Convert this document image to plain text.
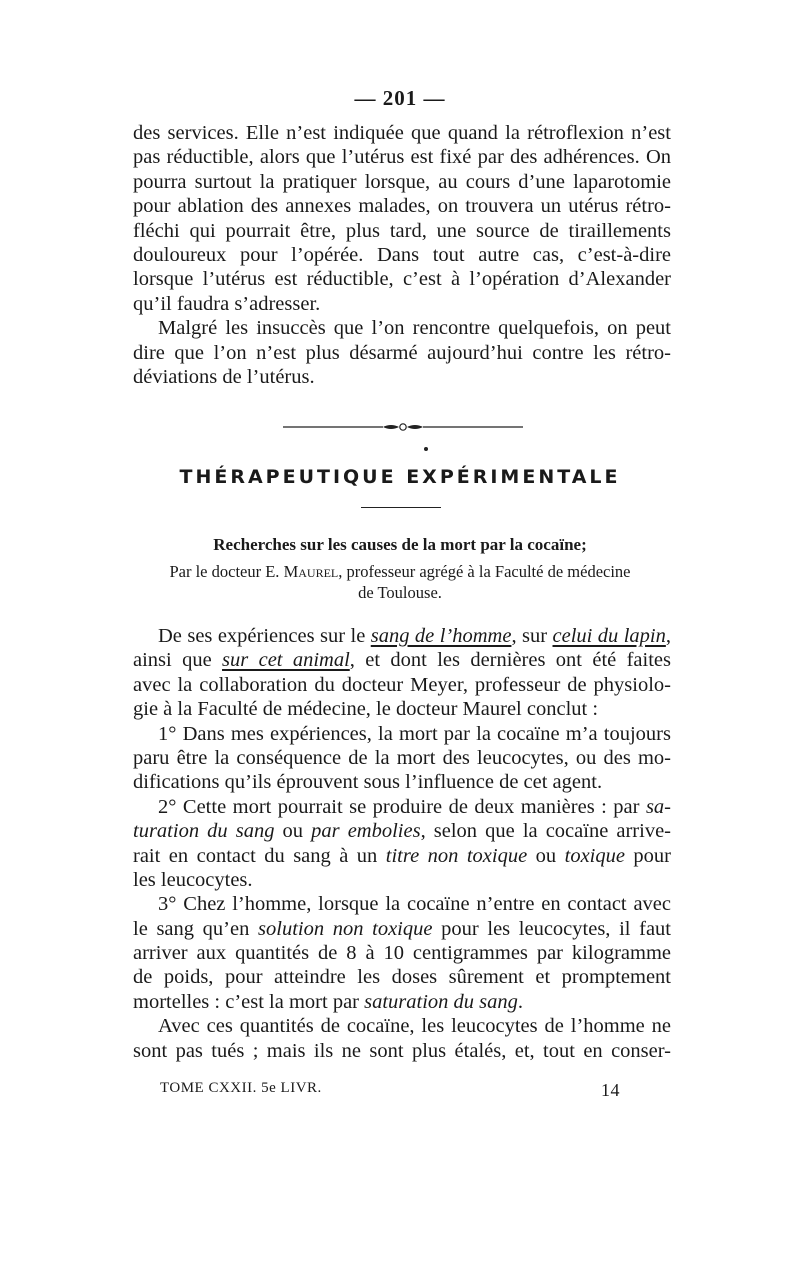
— 201 —
des services. Elle n’est indiquée que quand la rétroflexion n’est
pas réductible, alors que l’utérus est fixé par des adhérences. On
pourra surtout la pratiquer lorsque, au cours d’une laparotomie
pour ablation des annexes malades, on trouvera un utérus rétro-
fléchi qui pourrait être, plus tard, une source de tiraillements
douloureux pour l’opérée. Dans tout autre cas, c’est-à-dire
lorsque l’utérus est réductible, c’est à l’opération d’Alexander
qu’il faudra s’adresser.
Malgré les insuccès que l’on rencontre quelquefois, on peut
dire que l’on n’est plus désarmé aujourd’hui contre les rétro-
déviations de l’utérus.
THÉRAPEUTIQUE EXPÉRIMENTALE
Recherches sur les causes de la mort par la cocaïne;
Par le docteur E. Maurel, professeur agrégé à la Faculté de médecine
de Toulouse.
De ses expériences sur le sang de l’homme, sur celui du lapin,
ainsi que sur cet animal, et dont les dernières ont été faites
avec la collaboration du docteur Meyer, professeur de physiolo-
gie à la Faculté de médecine, le docteur Maurel conclut :
1° Dans mes expériences, la mort par la cocaïne m’a toujours
paru être la conséquence de la mort des leucocytes, ou des mo-
difications qu’ils éprouvent sous l’influence de cet agent.
2° Cette mort pourrait se produire de deux manières : par sa-
turation du sang ou par embolies, selon que la cocaïne arrive-
rait en contact du sang à un titre non toxique ou toxique pour
les leucocytes.
3° Chez l’homme, lorsque la cocaïne n’entre en contact avec
le sang qu’en solution non toxique pour les leucocytes, il faut
arriver aux quantités de 8 à 10 centigrammes par kilogramme
de poids, pour atteindre les doses sûrement et promptement
mortelles : c’est la mort par saturation du sang.
Avec ces quantités de cocaïne, les leucocytes de l’homme ne
sont pas tués ; mais ils ne sont plus étalés, et, tout en conser-
TOME CXXII. 5e LIVR.	14
